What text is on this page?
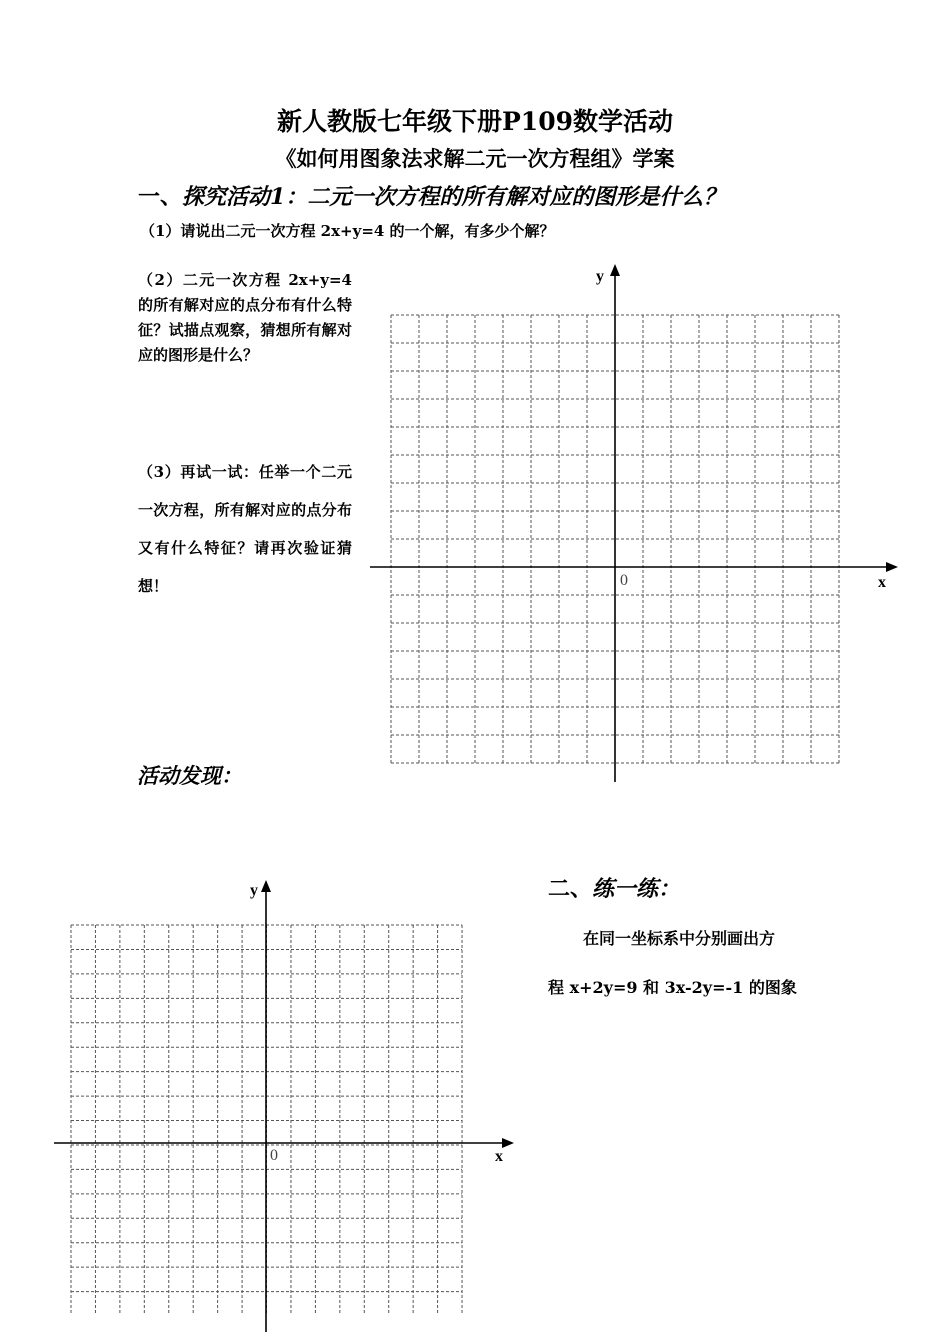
新人教版七年级下册P109数学活动
《如何用图象法求解二元一次方程组》学案
一、探究活动1：二元一次方程的所有解对应的图形是什么？
（1）请说出二元一次方程 2x+y=4 的一个解，有多少个解？
（2）二元一次方程 2x+y=4 的所有解对应的点分布有什么特征？试描点观察，猜想所有解对应的图形是什么？
（3）再试一试：任举一个二元一次方程，所有解对应的点分布又有什么特征？请再次验证猜想！
活动发现：
二、练一练：
在同一坐标系中分别画出方
程 x+2y=9 和 3x-2y=-1 的图象
x
y
0
x
y
0
